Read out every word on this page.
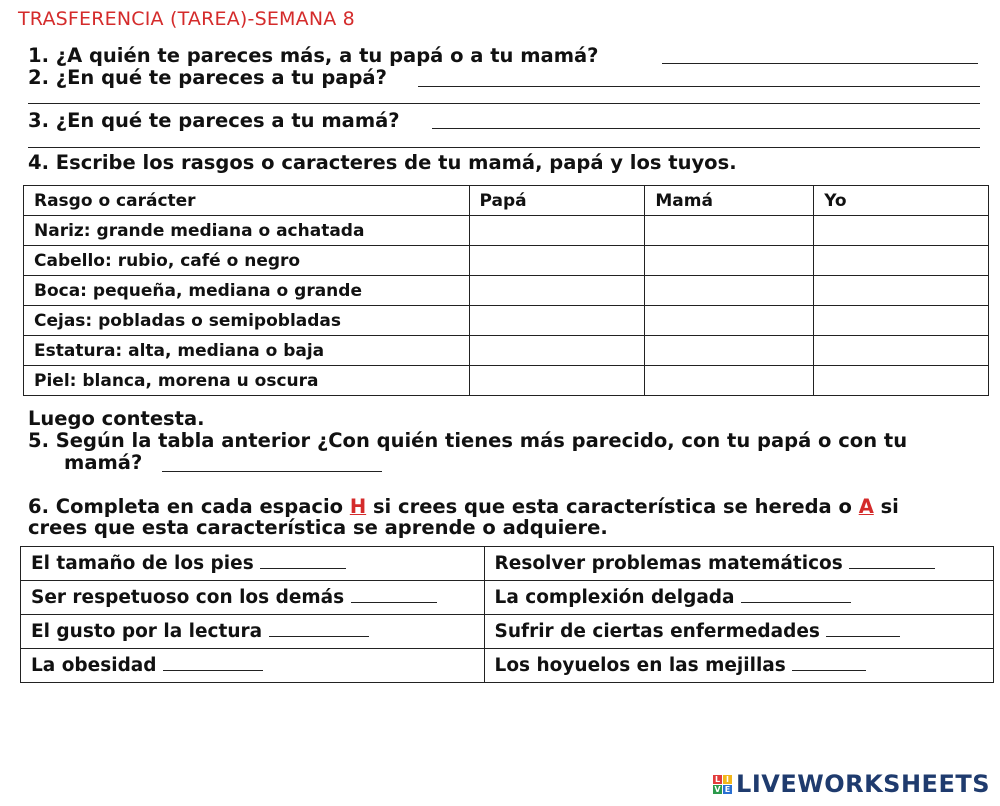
TRASFERENCIA (TAREA)-SEMANA 8
1. ¿A quién te pareces más, a tu papá o a tu mamá?
2. ¿En qué te pareces a tu papá?
3. ¿En qué te pareces a tu mamá?
4. Escribe los rasgos o caracteres de tu mamá, papá y los tuyos.
Rasgo o carácter	Papá	Mamá	Yo
Nariz: grande mediana o achatada			
Cabello: rubio, café o negro			
Boca: pequeña, mediana o grande			
Cejas: pobladas o semipobladas			
Estatura: alta, mediana o baja			
Piel: blanca, morena u oscura			
Luego contesta.
5. Según la tabla anterior ¿Con quién tienes más parecido, con tu papá o con tu
mamá?
6. Completa en cada espacio H si crees que esta característica se hereda o A si
crees que esta característica se aprende o adquiere.
El tamaño de los pies	Resolver problemas matemáticos
Ser respetuoso con los demás	La complexión delgada
El gusto por la lectura	Sufrir de ciertas enfermedades
La obesidad	Los hoyuelos en las mejillas
L I
V E LIVEWORKSHEETS
